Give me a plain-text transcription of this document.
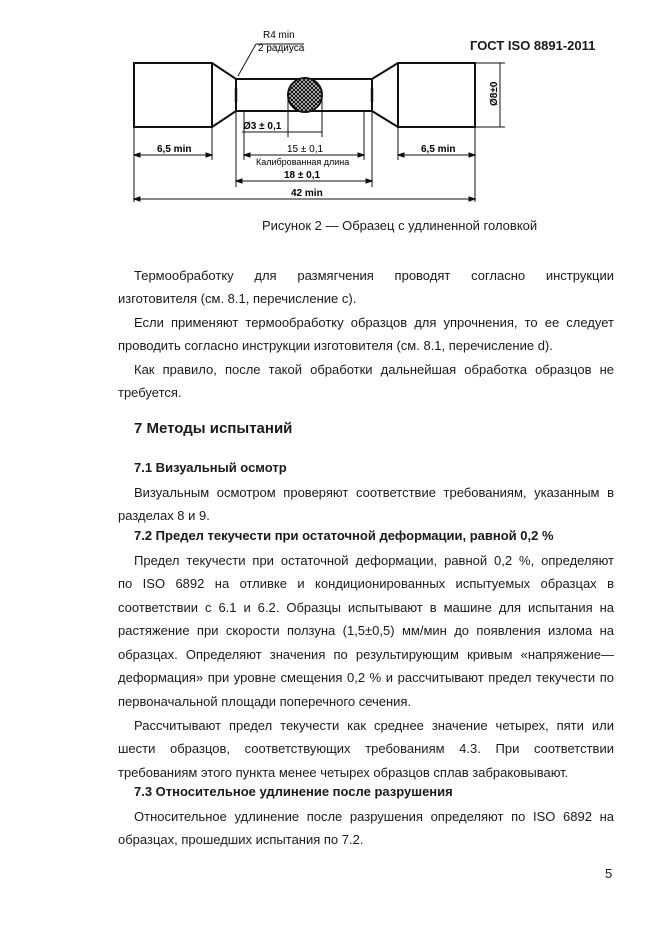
ГОСТ ISO 8891-2011
R4 min
2 радиуса
Ø8±0
Ø3 ± 0,1
6,5 min	6,5 min
15 ± 0,1
Калиброванная длина
18 ± 0,1
42 min
Рисунок 2 — Образец с удлиненной головкой
Термообработку для размягчения проводят согласно инструкции
изготовителя (см. 8.1, перечисление с).
Если применяют термообработку образцов для упрочнения, то ее следует
проводить согласно инструкции изготовителя (см. 8.1, перечисление d).
Как правило, после такой обработки дальнейшая обработка образцов не
требуется.
7 Методы испытаний
7.1 Визуальный осмотр
Визуальным осмотром проверяют соответствие требованиям, указанным в
разделах 8 и 9.
7.2 Предел текучести при остаточной деформации, равной 0,2 %
Предел текучести при остаточной деформации, равной 0,2 %, определяют
по ISO 6892 на отливке и кондиционированных испытуемых образцах в
соответствии с 6.1 и 6.2. Образцы испытывают в машине для испытания на
растяжение при скорости ползуна (1,5±0,5) мм/мин до появления излома на
образцах. Определяют значения по результирующим кривым «напряжение—
деформация» при уровне смещения 0,2 % и рассчитывают предел текучести по
первоначальной площади поперечного сечения.
Рассчитывают предел текучести как среднее значение четырех, пяти или
шести образцов, соответствующих требованиям 4.3. При соответствии
требованиям этого пункта менее четырех образцов сплав забраковывают.
7.3 Относительное удлинение после разрушения
Относительное удлинение после разрушения определяют по ISO 6892 на
образцах, прошедших испытания по 7.2.
5
